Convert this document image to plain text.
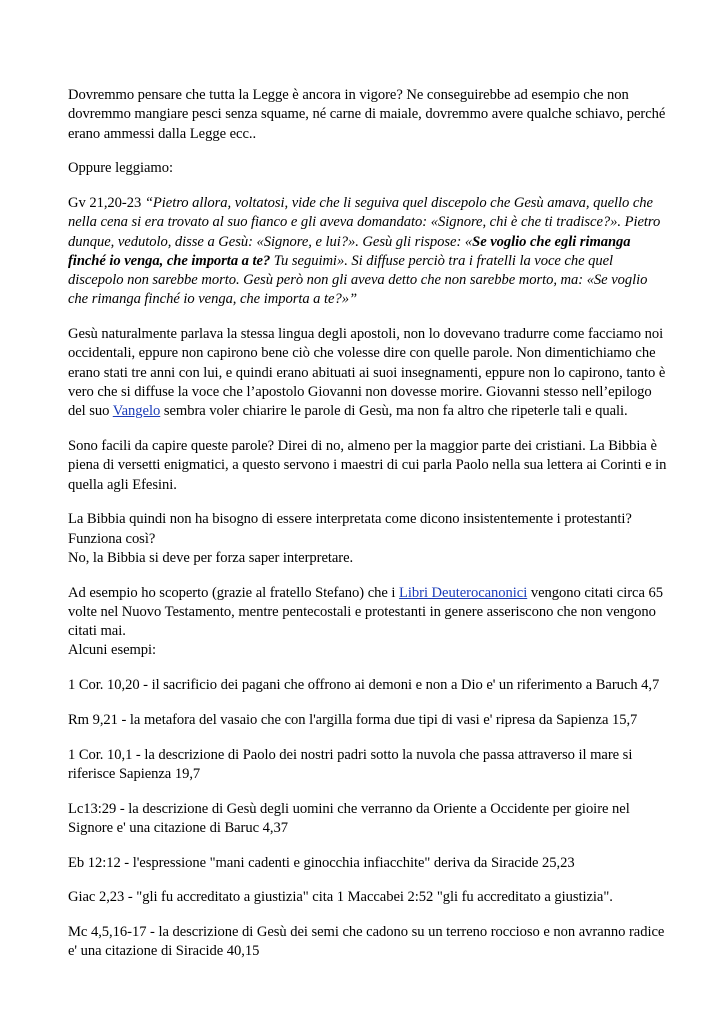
Dovremmo pensare che tutta la Legge è ancora in vigore? Ne conseguirebbe ad esempio che non dovremmo mangiare pesci senza squame, né carne di maiale, dovremmo avere qualche schiavo, perché erano ammessi dalla Legge ecc..

Oppure leggiamo:

Gv 21,20-23 “Pietro allora, voltatosi, vide che li seguiva quel discepolo che Gesù amava, quello che nella cena si era trovato al suo fianco e gli aveva domandato: «Signore, chi è che ti tradisce?». Pietro dunque, vedutolo, disse a Gesù: «Signore, e lui?». Gesù gli rispose: «Se voglio che egli rimanga finché io venga, che importa a te? Tu seguimi». Si diffuse perciò tra i fratelli la voce che quel discepolo non sarebbe morto. Gesù però non gli aveva detto che non sarebbe morto, ma: «Se voglio che rimanga finché io venga, che importa a te?»”

Gesù naturalmente parlava la stessa lingua degli apostoli, non lo dovevano tradurre come facciamo noi occidentali, eppure non capirono bene ciò che volesse dire con quelle parole. Non dimentichiamo che erano stati tre anni con lui, e quindi erano abituati ai suoi insegnamenti, eppure non lo capirono, tanto è vero che si diffuse la voce che l’apostolo Giovanni non dovesse morire. Giovanni stesso nell’epilogo del suo Vangelo sembra voler chiarire le parole di Gesù, ma non fa altro che ripeterle tali e quali.

Sono facili da capire queste parole? Direi di no, almeno per la maggior parte dei cristiani. La Bibbia è piena di versetti enigmatici, a questo servono i maestri di cui parla Paolo nella sua lettera ai Corinti e in quella agli Efesini.

La Bibbia quindi non ha bisogno di essere interpretata come dicono insistentemente i protestanti?
Funziona così?
No, la Bibbia si deve per forza saper interpretare.

Ad esempio ho scoperto (grazie al fratello Stefano) che i Libri Deuterocanonici vengono citati circa 65 volte nel Nuovo Testamento, mentre pentecostali e protestanti in genere asseriscono che non vengono citati mai.
Alcuni esempi:

1 Cor. 10,20 - il sacrificio dei pagani che offrono ai demoni e non a Dio e' un riferimento a Baruch 4,7

Rm 9,21 - la metafora del vasaio che con l'argilla forma due tipi di vasi e' ripresa da Sapienza 15,7

1 Cor. 10,1 - la descrizione di Paolo dei nostri padri sotto la nuvola che passa attraverso il mare si riferisce Sapienza 19,7

Lc13:29 - la descrizione di Gesù degli uomini che verranno da Oriente a Occidente per gioire nel Signore e' una citazione di Baruc 4,37

Eb 12:12 - l'espressione "mani cadenti e ginocchia infiacchite" deriva da Siracide 25,23

Giac 2,23 - "gli fu accreditato a giustizia" cita 1 Maccabei 2:52 "gli fu accreditato a giustizia".

Mc 4,5,16-17 - la descrizione di Gesù dei semi che cadono su un terreno roccioso e non avranno radice e' una citazione di Siracide 40,15
